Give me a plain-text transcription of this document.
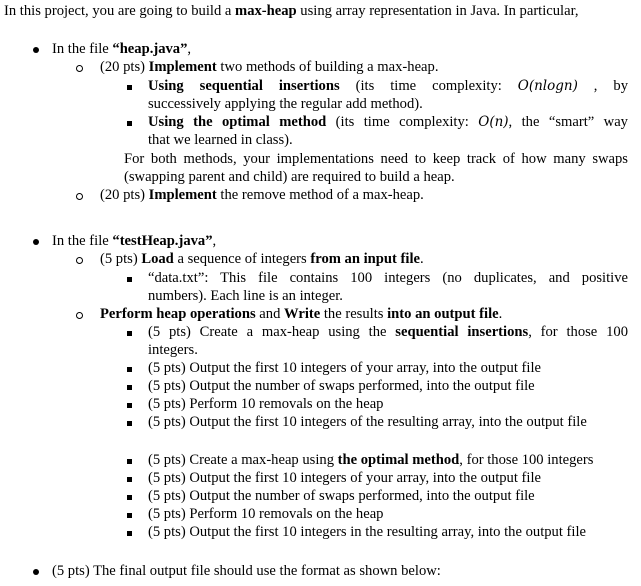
In this project, you are going to build a max-heap using array representation in Java. In particular,
In the file “heap.java”,
(20 pts) Implement two methods of building a max-heap.
Using sequential insertions (its time complexity: O(nlogn) , by
successively applying the regular add method).
Using the optimal method (its time complexity: O(n), the “smart” way
that we learned in class).
For both methods, your implementations need to keep track of how many swaps
(swapping parent and child) are required to build a heap.
(20 pts) Implement the remove method of a max-heap.
In the file “testHeap.java”,
(5 pts) Load a sequence of integers from an input file.
“data.txt”: This file contains 100 integers (no duplicates, and positive
numbers). Each line is an integer.
Perform heap operations and Write the results into an output file.
(5 pts) Create a max-heap using the sequential insertions, for those 100
integers.
(5 pts) Output the first 10 integers of your array, into the output file
(5 pts) Output the number of swaps performed, into the output file
(5 pts) Perform 10 removals on the heap
(5 pts) Output the first 10 integers of the resulting array, into the output file
(5 pts) Create a max-heap using the optimal method, for those 100 integers
(5 pts) Output the first 10 integers of your array, into the output file
(5 pts) Output the number of swaps performed, into the output file
(5 pts) Perform 10 removals on the heap
(5 pts) Output the first 10 integers in the resulting array, into the output file
(5 pts) The final output file should use the format as shown below:
